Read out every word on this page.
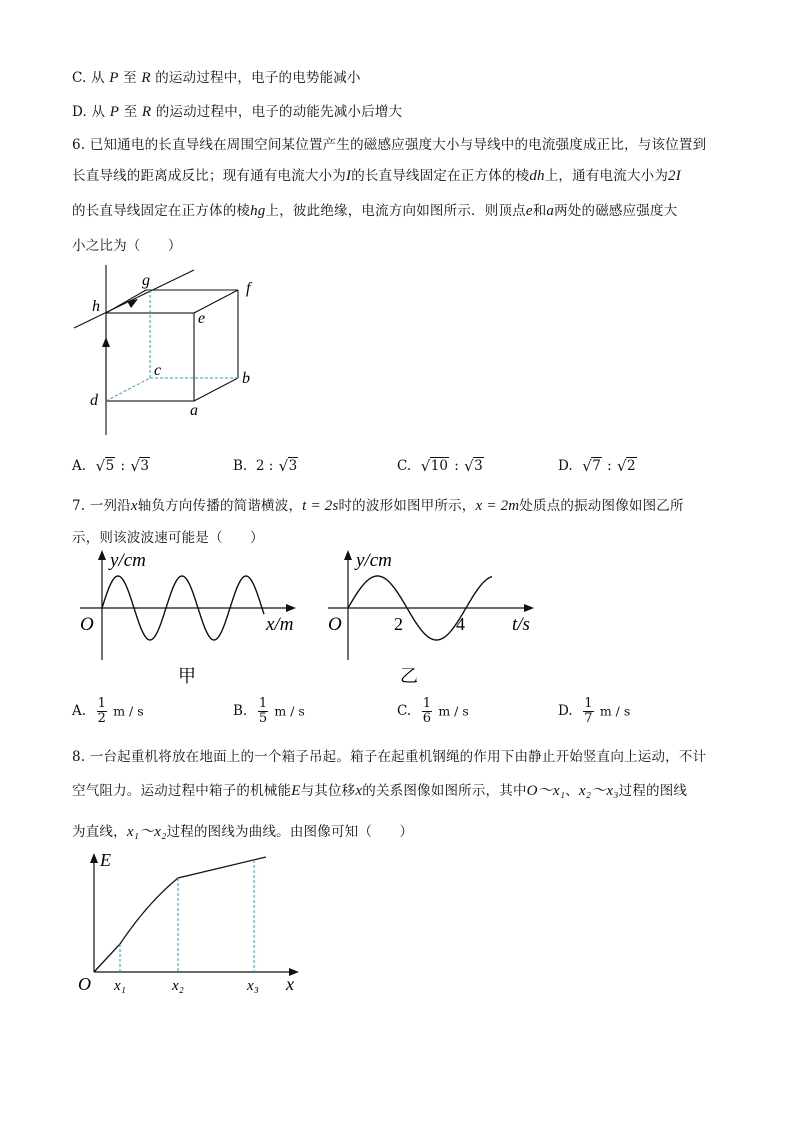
C. 从 P 至 R 的运动过程中，电子的电势能减小
D. 从 P 至 R 的运动过程中，电子的动能先减小后增大
6. 已知通电的长直导线在周围空间某位置产生的磁感应强度大小与导线中的电流强度成正比，与该位置到
长直导线的距离成反比；现有通有电流大小为I的长直导线固定在正方体的棱dh上，通有电流大小为2I
的长直导线固定在正方体的棱hg上，彼此绝缘，电流方向如图所示．则顶点e和a两处的磁感应强度大
小之比为（　　）
g	f
h
e
c	b
d
a
A. √ 5 : √ 3	B. 2 : √ 3	C. √ 10 : √ 3	D. √ 7 : √ 2
7. 一列沿x轴负方向传播的简谐横波，t = 2s时的波形如图甲所示，x = 2m处质点的振动图像如图乙所
示，则该波波速可能是（　　）
y/cm
x/m
O
甲
y/cm
t/s
O	2	4
乙
A. $\frac{1}{2}$ m / s	B. $\frac{1}{5}$ m / s	C. $\frac{1}{6}$ m / s	D. $\frac{1}{7}$ m / s
8. 一台起重机将放在地面上的一个箱子吊起。箱子在起重机钢绳的作用下由静止开始竖直向上运动，不计
空气阻力。运动过程中箱子的机械能E与其位移x的关系图像如图所示，其中O～x₁、x₂～x₃过程的图线
为直线，x₁～x₂过程的图线为曲线。由图像可知（　　）
E
x
O x₁	x₂	x₃
